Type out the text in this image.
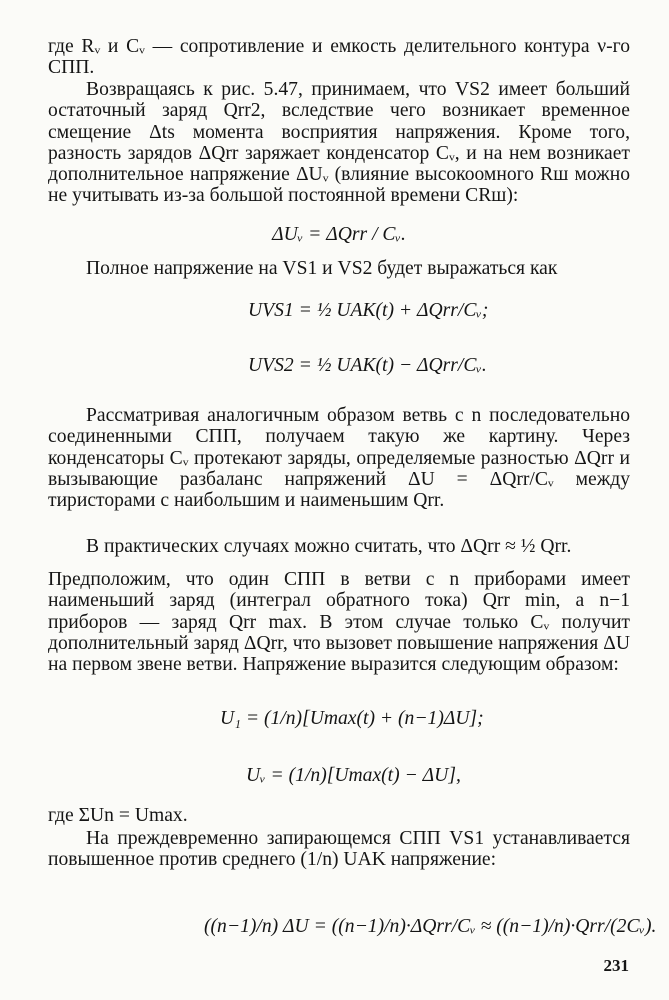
где Rᵥ и Cᵥ — сопротивление и емкость делительного контура ν-го СПП.

Возвращаясь к рис. 5.47, принимаем, что VS2 имеет больший остаточный заряд Qrr2, вследствие чего возникает временное смещение Δts момента восприятия напряжения. Кроме того, разность зарядов ΔQrr заряжает конденсатор Cᵥ, и на нем возникает дополнительное напряжение ΔUᵥ (влияние высокоомного Rш можно не учитывать из-за большой постоянной времени CRш):

ΔUᵥ = ΔQrr / Cᵥ.

Полное напряжение на VS1 и VS2 будет выражаться как

UVS1 = ½ UAK(t) + ΔQrr/Cᵥ;
UVS2 = ½ UAK(t) − ΔQrr/Cᵥ.

Рассматривая аналогичным образом ветвь с n последовательно соединенными СПП, получаем такую же картину. Через конденсаторы Cᵥ протекают заряды, определяемые разностью ΔQrr и вызывающие разбаланс напряжений ΔU = ΔQrr/Cᵥ между тиристорами с наибольшим и наименьшим Qrr.

В практических случаях можно считать, что ΔQrr ≈ ½ Qrr.

Предположим, что один СПП в ветви с n приборами имеет наименьший заряд (интеграл обратного тока) Qrr min, а n−1 приборов — заряд Qrr max. В этом случае только Cᵥ получит дополнительный заряд ΔQrr, что вызовет повышение напряжения ΔU на первом звене ветви. Напряжение выразится следующим образом:

U₁ = (1/n)[Umax(t) + (n−1)ΔU];
Uᵥ = (1/n)[Umax(t) − ΔU],

где ΣUn = Umax.

На преждевременно запирающемся СПП VS1 устанавливается повышенное против среднего (1/n) UAK напряжение:

((n−1)/n) ΔU = ((n−1)/n)·ΔQrr/Cᵥ ≈ ((n−1)/n)·Qrr/(2Cᵥ).
231
